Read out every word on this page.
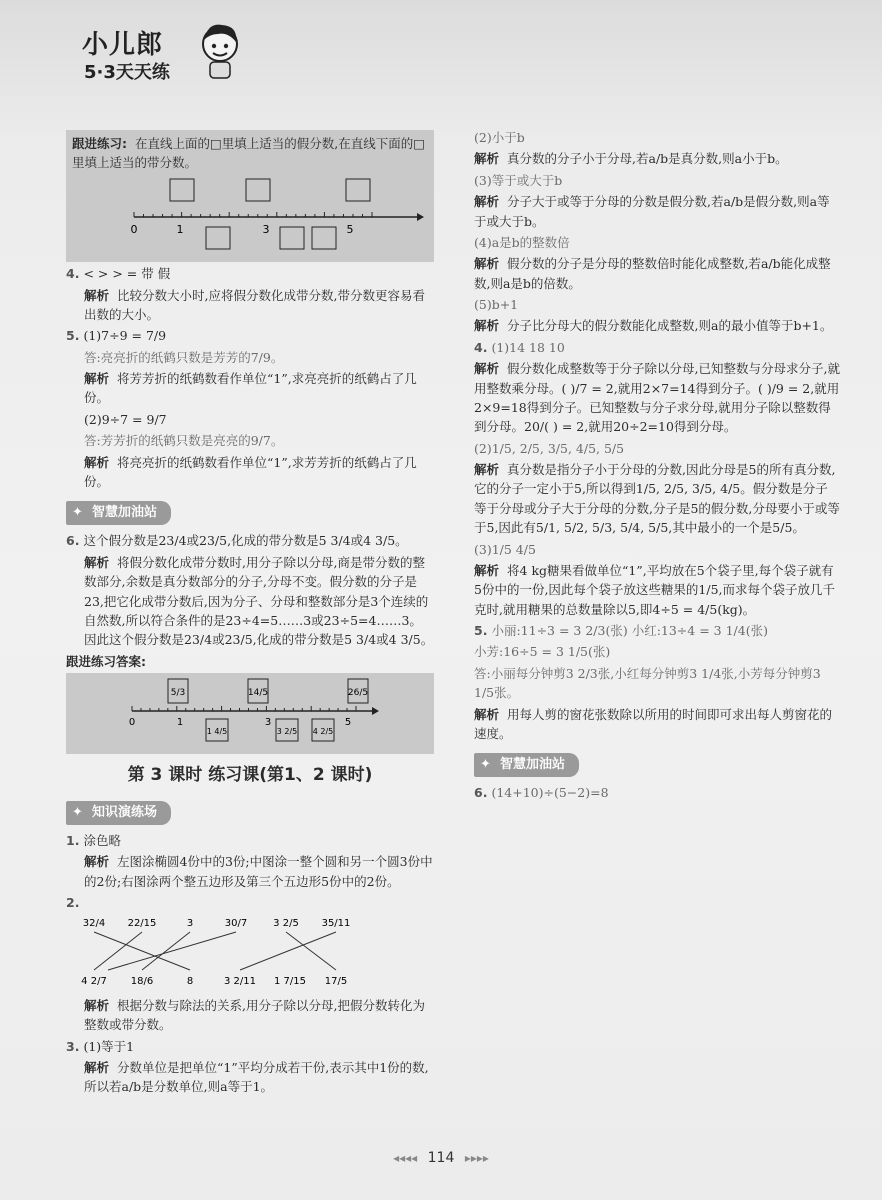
小儿郎
5·3天天练
跟进练习: 在直线上面的□里填上适当的假分数,在直线下面的□里填上适当的带分数。
0	1	3	5
4. < > > = 带 假
解析 比较分数大小时,应将假分数化成带分数,带分数更容易看出数的大小。
5. (1)7÷9 = 7/9
答:亮亮折的纸鹤只数是芳芳的7/9。
解析 将芳芳折的纸鹤数看作单位“1”,求亮亮折的纸鹤占了几份。
(2)9÷7 = 9/7
答:芳芳折的纸鹤只数是亮亮的9/7。
解析 将亮亮折的纸鹤数看作单位“1”,求芳芳折的纸鹤占了几份。
✦ 智慧加油站
6. 这个假分数是23/4或23/5,化成的带分数是5 3/4或4 3/5。
解析 将假分数化成带分数时,用分子除以分母,商是带分数的整数部分,余数是真分数部分的分子,分母不变。假分数的分子是23,把它化成带分数后,因为分子、分母和整数部分是3个连续的自然数,所以符合条件的是23÷4=5……3或23÷5=4……3。因此这个假分数是23/4或23/5,化成的带分数是5 3/4或4 3/5。
跟进练习答案:
5/3	14/5	26/5
1 4/5	3 2/5 4 2/5
0	1	3	5
第 3 课时 练习课(第1、2 课时)
✦ 知识演练场
1. 涂色略
解析 左图涂椭圆4份中的3份;中图涂一整个圆和另一个圆3份中的2份;右图涂两个整五边形及第三个五边形5份中的2份。
2.
32/4 22/15	3	30/7	3 2/5 35/11
4 2/7 18/6	8	3 2/11 1 7/15 17/5
解析 根据分数与除法的关系,用分子除以分母,把假分数转化为整数或带分数。
3. (1)等于1
解析 分数单位是把单位“1”平均分成若干份,表示其中1份的数,所以若a/b是分数单位,则a等于1。
(2)小于b
解析 真分数的分子小于分母,若a/b是真分数,则a小于b。
(3)等于或大于b
解析 分子大于或等于分母的分数是假分数,若a/b是假分数,则a等于或大于b。
(4)a是b的整数倍
解析 假分数的分子是分母的整数倍时能化成整数,若a/b能化成整数,则a是b的倍数。
(5)b+1
解析 分子比分母大的假分数能化成整数,则a的最小值等于b+1。
4. (1)14 18 10
解析 假分数化成整数等于分子除以分母,已知整数与分母求分子,就用整数乘分母。( )/7 = 2,就用2×7=14得到分子。( )/9 = 2,就用2×9=18得到分子。已知整数与分子求分母,就用分子除以整数得到分母。20/( ) = 2,就用20÷2=10得到分母。
(2)1/5, 2/5, 3/5, 4/5, 5/5
解析 真分数是指分子小于分母的分数,因此分母是5的所有真分数,它的分子一定小于5,所以得到1/5, 2/5, 3/5, 4/5。假分数是分子等于分母或分子大于分母的分数,分子是5的假分数,分母要小于或等于5,因此有5/1, 5/2, 5/3, 5/4, 5/5,其中最小的一个是5/5。
(3)1/5 4/5
解析 将4 kg糖果看做单位“1”,平均放在5个袋子里,每个袋子就有5份中的一份,因此每个袋子放这些糖果的1/5,而求每个袋子放几千克时,就用糖果的总数量除以5,即4÷5 = 4/5(kg)。
5. 小丽:11÷3 = 3 2/3(张) 小红:13÷4 = 3 1/4(张)
小芳:16÷5 = 3 1/5(张)
答:小丽每分钟剪3 2/3张,小红每分钟剪3 1/4张,小芳每分钟剪3 1/5张。
解析 用每人剪的窗花张数除以所用的时间即可求出每人剪窗花的速度。
✦ 智慧加油站
6. (14+10)÷(5−2)=8
◂◂◂◂ 114 ▸▸▸▸
